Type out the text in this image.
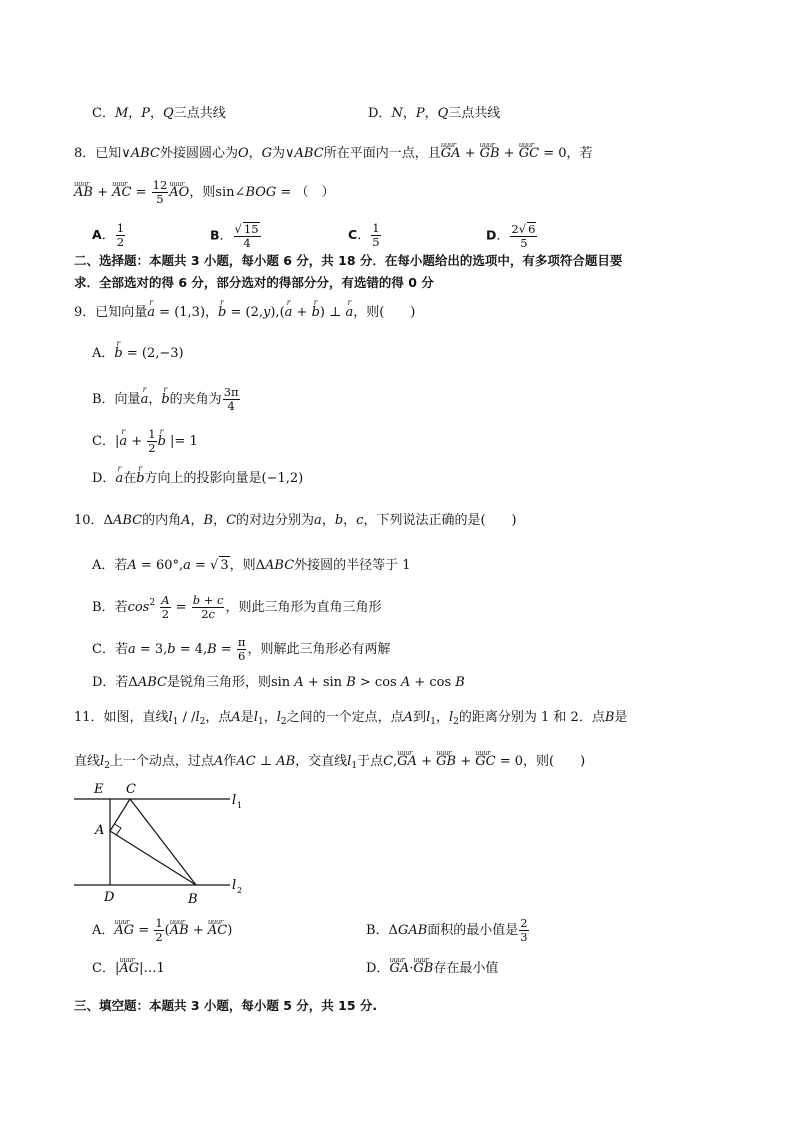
C．M，P，Q三点共线	D．N，P，Q三点共线
8．已知∨ABC外接圆圆心为O，G为∨ABC所在平面内一点，且uuur GA + uuur GB + uuur GC = 0，若
uuur AB + uuur AC = $\frac{12}{5}$ uuur AO，则sin∠BOG = （　）
A． $\frac{1}{2}$	B． $\frac{√ 15}{4}$	C． $\frac{1}{5}$	D． $\frac{2√ 6}{5}$
二、选择题：本题共 3 小题，每小题 6 分，共 18 分．在每小题给出的选项中，有多项符合题目要
求．全部选对的得 6 分，部分选对的得部分分，有选错的得 0 分
9．已知向量r a = (1,3)，r b = (2,y),(r a + r b) ⊥ r a，则(　　)
A．r b = (2,−3)
B．向量r a，r b的夹角为 $\frac{3\pi}{4}$
C．|r $a + \frac{1}{2}$ r b |= 1
D．r a在r b方向上的投影向量是(−1,2)
10．ΔABC的内角A，B，C的对边分别为a，b，c，下列说法正确的是(　　)
A．若A = 60°,a = √ 3，则ΔABC外接圆的半径等于 1
B．若$\cos^2 \frac{A}{2} = \frac{b + c}{2c}$ ，则此三角形为直角三角形
C．若$a = 3,b = 4,B = \frac{\pi}{6}$ ，则解此三角形必有两解
D．若ΔABC是锐角三角形，则sin A + sin B > cos A + cos B
11．如图，直线$l_1 / /l_2$，点A是$l_1$，$l_2$之间的一个定点，点A到$l_1$，$l_2$的距离分别为 1 和 2．点B是
直线$l_2$上一个动点，过点A作AC ⊥ AB，交直线$l_1$于点C,uuur GA + uuur GB + uuur GC = 0，则(　　)
E C
A
D	B
l 1
l 2
A．uuur AG = $\frac{1}{2}$ (uuur AB + uuur AC)	B．ΔGAB面积的最小值是 $\frac{2}{3}$
C．|uuur AG|…1	D．uuur GA·uuur GB存在最小值
三、填空题：本题共 3 小题，每小题 5 分，共 15 分.
